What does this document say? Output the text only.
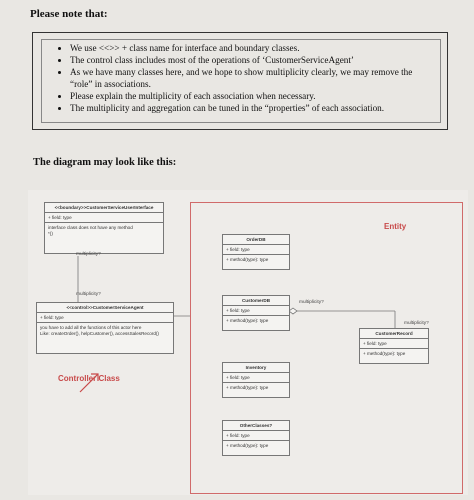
Please note that:
• We use <<>> + class name for interface and boundary classes.
• The control class includes most of the operations of ‘CustomerServiceAgent’
• As we have many classes here, and we hope to show multiplicity clearly, we may remove the “role” in associations.
• Please explain the multiplicity of each association when necessary.
• The multiplicity and aggregation can be tuned in the “properties” of each association.
The diagram may look like this:
<<boundary>>CustomerServiceUserInterface
+ field: type
interface class does not have any method
*()
multiplicity?
multiplicity?
<<control>>CustomerServiceAgent
+ field: type
you have to add all the functions of this actor here
Like: createOrder(), helpCustomer(), accessSalesRecord()
Controller Class
Entity
OrderDB
+ field: type
+ method(type): type
CustomerDB
+ field: type
+ method(type): type
multiplicity?
multiplicity?
CustomerRecord
+ field: type
+ method(type): type
Inventory
+ field: type
+ method(type): type
OtherClasses?
+ field: type
+ method(type): type
